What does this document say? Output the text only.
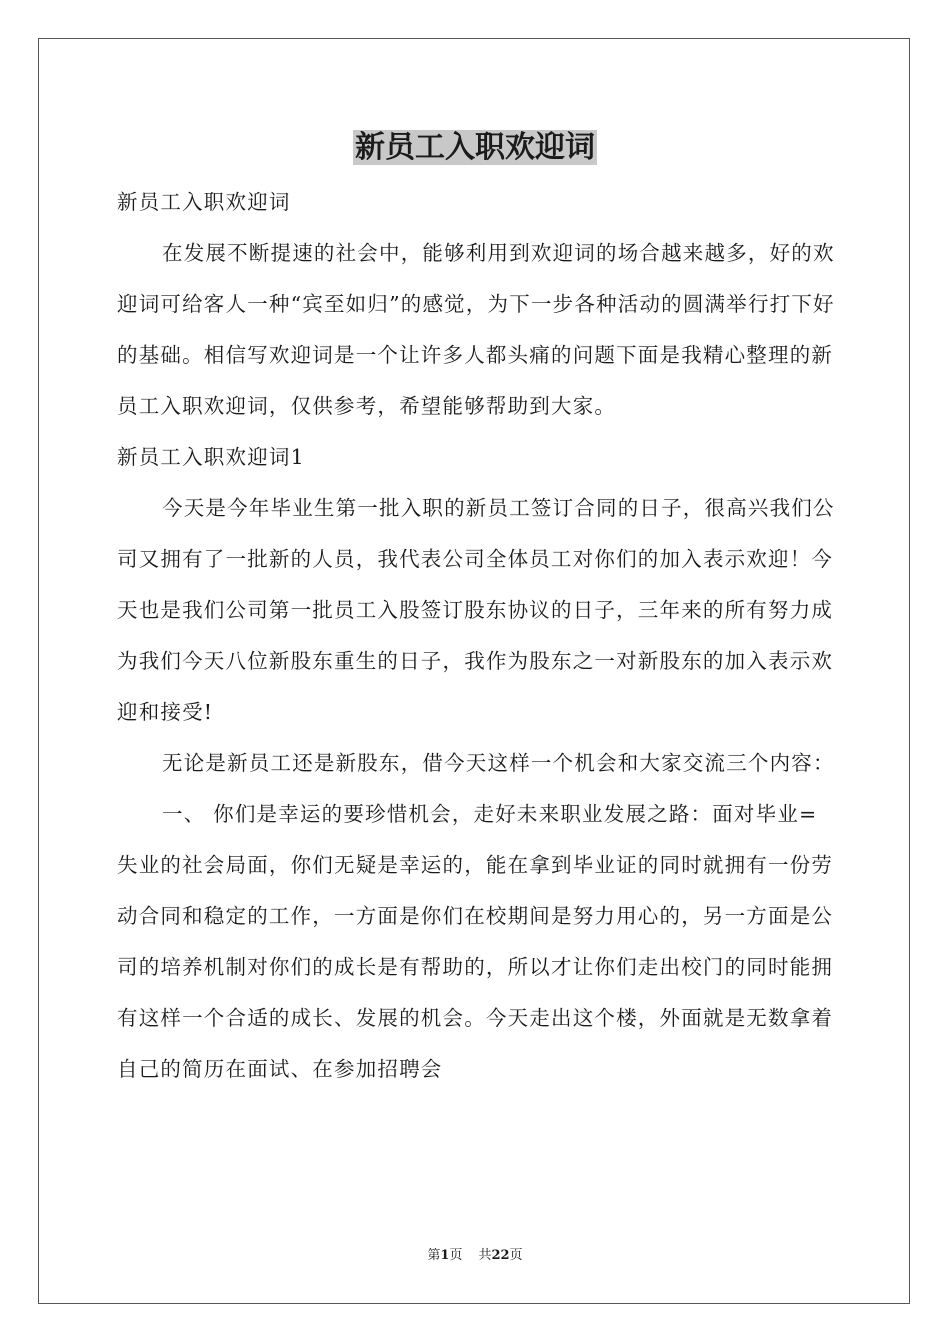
新员工入职欢迎词

新员工入职欢迎词

在发展不断提速的社会中，能够利用到欢迎词的场合越来越多，好的欢迎词可给客人一种“宾至如归”的感觉，为下一步各种活动的圆满举行打下好的基础。相信写欢迎词是一个让许多人都头痛的问题下面是我精心整理的新员工入职欢迎词，仅供参考，希望能够帮助到大家。

新员工入职欢迎词1

今天是今年毕业生第一批入职的新员工签订合同的日子，很高兴我们公司又拥有了一批新的人员，我代表公司全体员工对你们的加入表示欢迎！今天也是我们公司第一批员工入股签订股东协议的日子，三年来的所有努力成为我们今天八位新股东重生的日子，我作为股东之一对新股东的加入表示欢迎和接受!

无论是新员工还是新股东，借今天这样一个机会和大家交流三个内容：

一、 你们是幸运的要珍惜机会，走好未来职业发展之路：面对毕业=失业的社会局面，你们无疑是幸运的，能在拿到毕业证的同时就拥有一份劳动合同和稳定的工作，一方面是你们在校期间是努力用心的，另一方面是公司的培养机制对你们的成长是有帮助的，所以才让你们走出校门的同时能拥有这样一个合适的成长、发展的机会。今天走出这个楼，外面就是无数拿着自己的简历在面试、在参加招聘会

第1页 共22页
